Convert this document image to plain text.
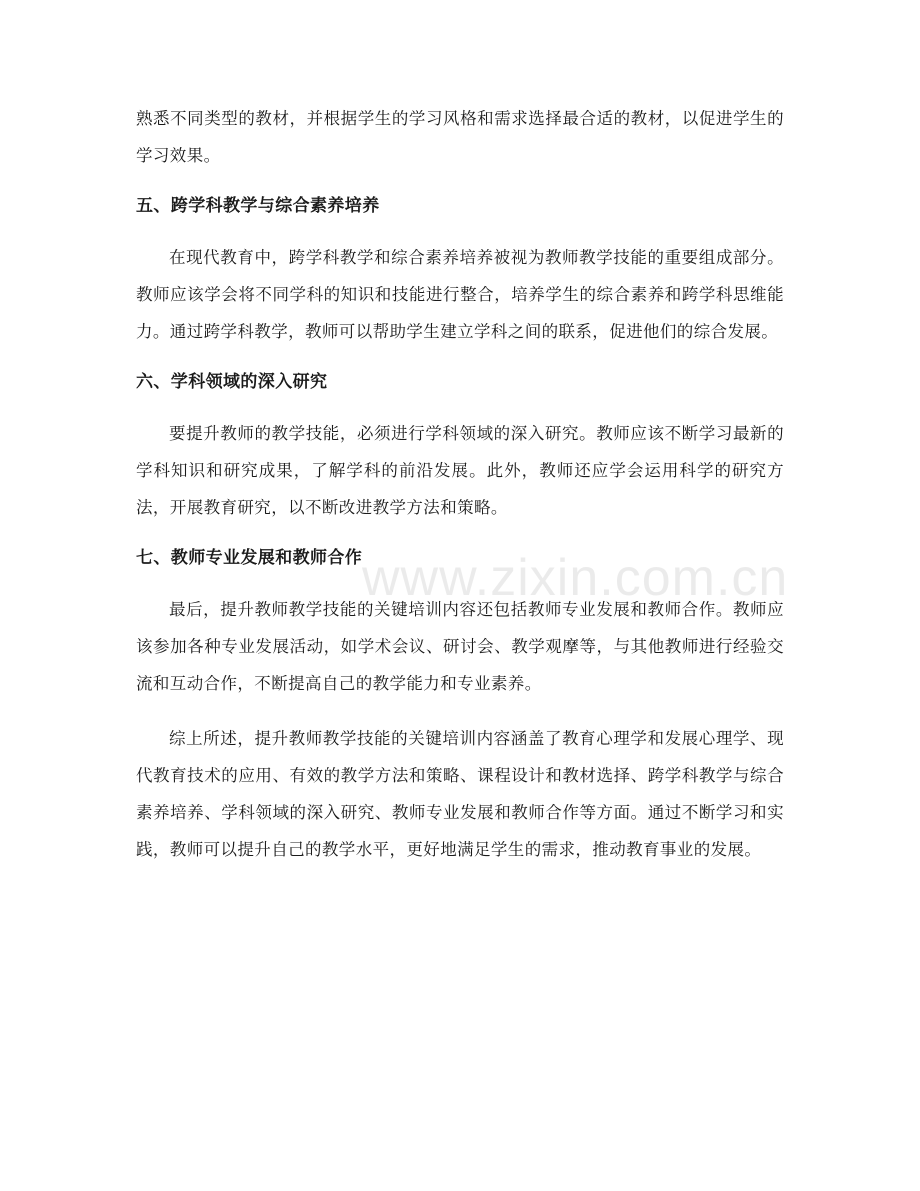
熟悉不同类型的教材，并根据学生的学习风格和需求选择最合适的教材，以促进学生的学习效果。

五、跨学科教学与综合素养培养

在现代教育中，跨学科教学和综合素养培养被视为教师教学技能的重要组成部分。教师应该学会将不同学科的知识和技能进行整合，培养学生的综合素养和跨学科思维能力。通过跨学科教学，教师可以帮助学生建立学科之间的联系，促进他们的综合发展。

六、学科领域的深入研究

要提升教师的教学技能，必须进行学科领域的深入研究。教师应该不断学习最新的学科知识和研究成果，了解学科的前沿发展。此外，教师还应学会运用科学的研究方法，开展教育研究，以不断改进教学方法和策略。

七、教师专业发展和教师合作

最后，提升教师教学技能的关键培训内容还包括教师专业发展和教师合作。教师应该参加各种专业发展活动，如学术会议、研讨会、教学观摩等，与其他教师进行经验交流和互动合作，不断提高自己的教学能力和专业素养。

综上所述，提升教师教学技能的关键培训内容涵盖了教育心理学和发展心理学、现代教育技术的应用、有效的教学方法和策略、课程设计和教材选择、跨学科教学与综合素养培养、学科领域的深入研究、教师专业发展和教师合作等方面。通过不断学习和实践，教师可以提升自己的教学水平，更好地满足学生的需求，推动教育事业的发展。

www.zixin.com.cn
